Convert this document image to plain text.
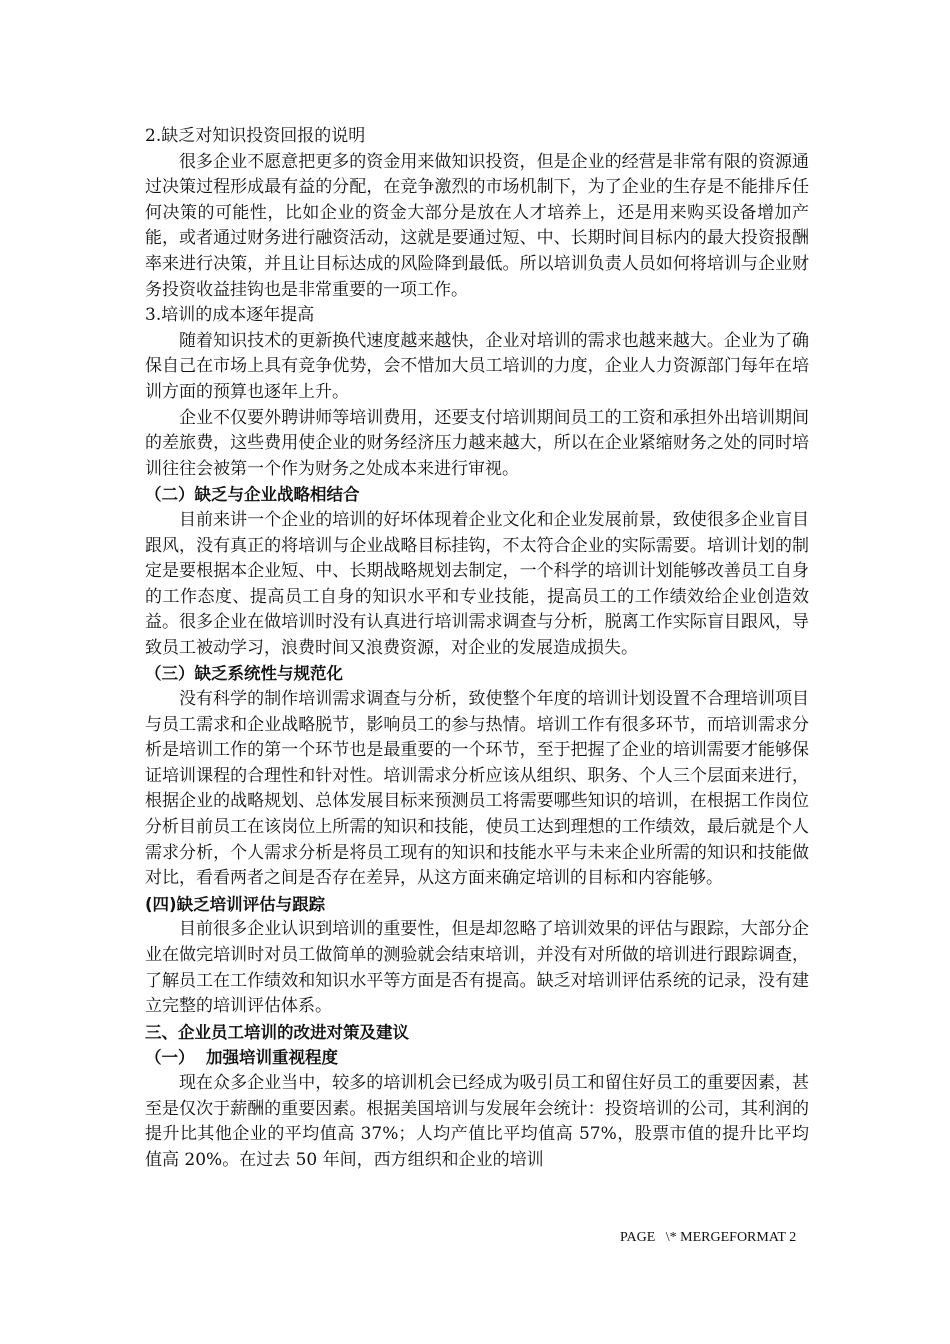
2.缺乏对知识投资回报的说明

很多企业不愿意把更多的资金用来做知识投资，但是企业的经营是非常有限的资源通过决策过程形成最有益的分配，在竞争激烈的市场机制下，为了企业的生存是不能排斥任何决策的可能性，比如企业的资金大部分是放在人才培养上，还是用来购买设备增加产能，或者通过财务进行融资活动，这就是要通过短、中、长期时间目标内的最大投资报酬率来进行决策，并且让目标达成的风险降到最低。所以培训负责人员如何将培训与企业财务投资收益挂钩也是非常重要的一项工作。

3.培训的成本逐年提高

随着知识技术的更新换代速度越来越快，企业对培训的需求也越来越大。企业为了确保自己在市场上具有竞争优势，会不惜加大员工培训的力度，企业人力资源部门每年在培训方面的预算也逐年上升。

企业不仅要外聘讲师等培训费用，还要支付培训期间员工的工资和承担外出培训期间的差旅费，这些费用使企业的财务经济压力越来越大，所以在企业紧缩财务之处的同时培训往往会被第一个作为财务之处成本来进行审视。

（二）缺乏与企业战略相结合

目前来讲一个企业的培训的好坏体现着企业文化和企业发展前景，致使很多企业盲目跟风，没有真正的将培训与企业战略目标挂钩，不太符合企业的实际需要。培训计划的制定是要根据本企业短、中、长期战略规划去制定，一个科学的培训计划能够改善员工自身的工作态度、提高员工自身的知识水平和专业技能，提高员工的工作绩效给企业创造效益。很多企业在做培训时没有认真进行培训需求调查与分析，脱离工作实际盲目跟风，导致员工被动学习，浪费时间又浪费资源，对企业的发展造成损失。

（三）缺乏系统性与规范化

没有科学的制作培训需求调查与分析，致使整个年度的培训计划设置不合理培训项目与员工需求和企业战略脱节，影响员工的参与热情。培训工作有很多环节，而培训需求分析是培训工作的第一个环节也是最重要的一个环节，至于把握了企业的培训需要才能够保证培训课程的合理性和针对性。培训需求分析应该从组织、职务、个人三个层面来进行，根据企业的战略规划、总体发展目标来预测员工将需要哪些知识的培训，在根据工作岗位分析目前员工在该岗位上所需的知识和技能，使员工达到理想的工作绩效，最后就是个人需求分析，个人需求分析是将员工现有的知识和技能水平与未来企业所需的知识和技能做对比，看看两者之间是否存在差异，从这方面来确定培训的目标和内容能够。

(四)缺乏培训评估与跟踪

目前很多企业认识到培训的重要性，但是却忽略了培训效果的评估与跟踪，大部分企业在做完培训时对员工做简单的测验就会结束培训，并没有对所做的培训进行跟踪调查，了解员工在工作绩效和知识水平等方面是否有提高。缺乏对培训评估系统的记录，没有建立完整的培训评估体系。

三、企业员工培训的改进对策及建议

（一）  加强培训重视程度

现在众多企业当中，较多的培训机会已经成为吸引员工和留住好员工的重要因素，甚至是仅次于薪酬的重要因素。根据美国培训与发展年会统计：投资培训的公司，其利润的提升比其他企业的平均值高 37%；人均产值比平均值高 57%，股票市值的提升比平均值高 20%。在过去 50 年间，西方组织和企业的培训

PAGE   \* MERGEFORMAT 2
